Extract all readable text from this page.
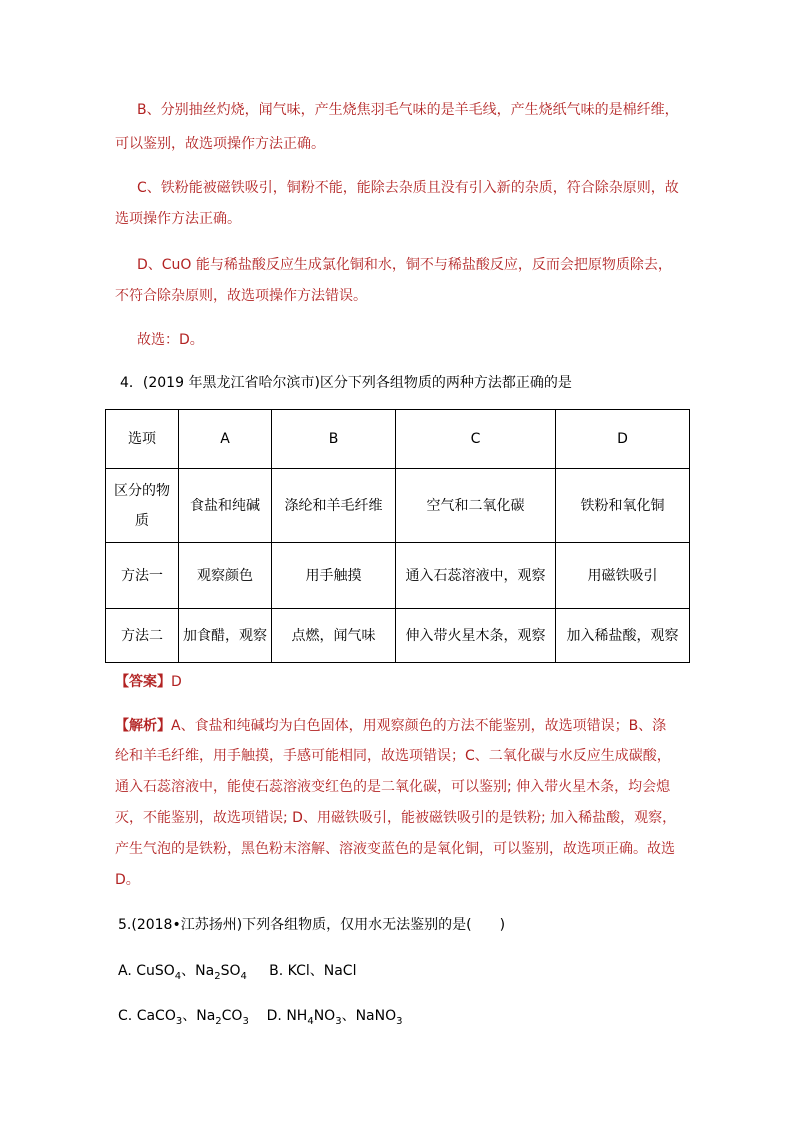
B、分别抽丝灼烧，闻气味，产生烧焦羽毛气味的是羊毛线，产生烧纸气味的是棉纤维，
可以鉴别，故选项操作方法正确。
C、铁粉能被磁铁吸引，铜粉不能，能除去杂质且没有引入新的杂质，符合除杂原则，故
选项操作方法正确。
D、CuO 能与稀盐酸反应生成氯化铜和水，铜不与稀盐酸反应，反而会把原物质除去，
不符合除杂原则，故选项操作方法错误。
故选：D。
4．(2019 年黑龙江省哈尔滨市)区分下列各组物质的两种方法都正确的是
选项	A	B	C	D
区分的物
质	食盐和纯碱	涤纶和羊毛纤维	空气和二氧化碳	铁粉和氧化铜
方法一	观察颜色	用手触摸	通入石蕊溶液中，观察	用磁铁吸引
方法二	加食醋，观察	点燃，闻气味	伸入带火星木条，观察	加入稀盐酸，观察
【答案】D
【解析】A、食盐和纯碱均为白色固体，用观察颜色的方法不能鉴别，故选项错误；B、涤
纶和羊毛纤维，用手触摸，手感可能相同，故选项错误；C、二氧化碳与水反应生成碳酸，
通入石蕊溶液中，能使石蕊溶液变红色的是二氧化碳，可以鉴别; 伸入带火星木条，均会熄
灭，不能鉴别，故选项错误; D、用磁铁吸引，能被磁铁吸引的是铁粉; 加入稀盐酸，观察，
产生气泡的是铁粉，黑色粉末溶解、溶液变蓝色的是氧化铜，可以鉴别，故选项正确。故选
D。
5.(2018•江苏扬州)下列各组物质，仅用水无法鉴别的是(　　)
A. CuSO$_4$、$Na_2SO_4$ B. KCl、NaCl
C. CaCO$_3$、$Na_2CO_3$ D. $NH_4NO_3$、NaNO$_3$
